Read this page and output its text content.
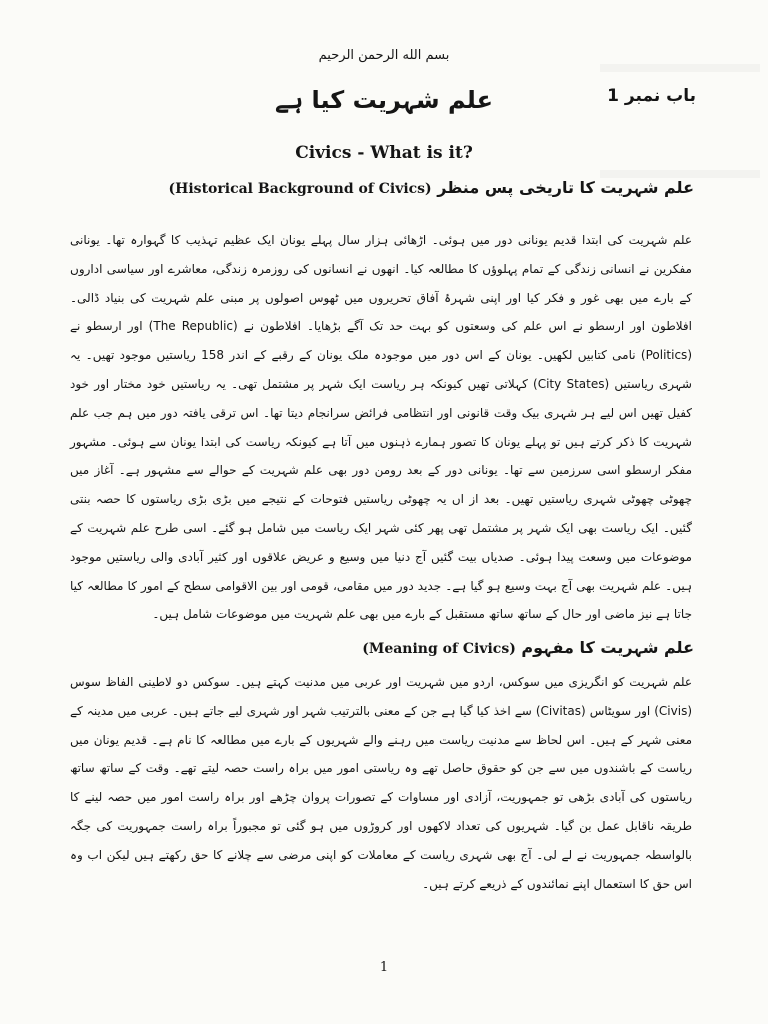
بسم الله الرحمن الرحیم
باب نمبر 1
علم شہریت کیا ہے
Civics - What is it?
علم شہریت کا تاریخی پس منظر (Historical Background of Civics)

علم شہریت کی ابتدا قدیم یونانی دور میں ہوئی۔ اڑھائی ہزار سال پہلے یونان ایک عظیم تہذیب کا گہوارہ تھا۔ یونانی مفکرین نے انسانی زندگی کے تمام پہلوؤں کا مطالعہ کیا۔ انھوں نے انسانوں کی روزمرہ زندگی، معاشرے اور سیاسی اداروں کے بارے میں بھی غور و فکر کیا اور اپنی شہرۂ آفاق تحریروں میں ٹھوس اصولوں پر مبنی علم شہریت کی بنیاد ڈالی۔ افلاطون اور ارسطو نے اس علم کی وسعتوں کو بہت حد تک آگے بڑھایا۔ افلاطون نے (The Republic) اور ارسطو نے (Politics) نامی کتابیں لکھیں۔ یونان کے اس دور میں موجودہ ملک یونان کے رقبے کے اندر 158 ریاستیں موجود تھیں۔ یہ شہری ریاستیں (City States) کہلاتی تھیں کیونکہ ہر ریاست ایک شہر پر مشتمل تھی۔ یہ ریاستیں خود مختار اور خود کفیل تھیں اس لیے ہر شہری بیک وقت قانونی اور انتظامی فرائض سرانجام دیتا تھا۔ اس ترقی یافتہ دور میں ہم جب علم شہریت کا ذکر کرتے ہیں تو پہلے یونان کا تصور ہمارے ذہنوں میں آتا ہے کیونکہ ریاست کی ابتدا یونان سے ہوئی۔ مشہور مفکر ارسطو اسی سرزمین سے تھا۔ یونانی دور کے بعد رومن دور بھی علم شہریت کے حوالے سے مشہور ہے۔ آغاز میں چھوٹی چھوٹی شہری ریاستیں تھیں۔ بعد از اں یہ چھوٹی ریاستیں فتوحات کے نتیجے میں بڑی بڑی ریاستوں کا حصہ بنتی گئیں۔ ایک ریاست بھی ایک شہر پر مشتمل تھی پھر کئی شہر ایک ریاست میں شامل ہو گئے۔ اسی طرح علم شہریت کے موضوعات میں وسعت پیدا ہوئی۔ صدیاں بیت گئیں آج دنیا میں وسیع و عریض علاقوں اور کثیر آبادی والی ریاستیں موجود ہیں۔ علم شہریت بھی آج بہت وسیع ہو گیا ہے۔ جدید دور میں مقامی، قومی اور بین الاقوامی سطح کے امور کا مطالعہ کیا جاتا ہے نیز ماضی اور حال کے ساتھ ساتھ مستقبل کے بارے میں بھی علم شہریت میں موضوعات شامل ہیں۔

علم شہریت کا مفہوم (Meaning of Civics)

علم شہریت کو انگریزی میں سوکس، اردو میں شہریت اور عربی میں مدنیت کہتے ہیں۔ سوکس دو لاطینی الفاظ سوس (Civis) اور سویٹاس (Civitas) سے اخذ کیا گیا ہے جن کے معنی بالترتیب شہر اور شہری لیے جاتے ہیں۔ عربی میں مدینہ کے معنی شہر کے ہیں۔ اس لحاظ سے مدنیت ریاست میں رہنے والے شہریوں کے بارے میں مطالعہ کا نام ہے۔ قدیم یونان میں ریاست کے باشندوں میں سے جن کو حقوق حاصل تھے وہ ریاستی امور میں براہ راست حصہ لیتے تھے۔ وقت کے ساتھ ساتھ ریاستوں کی آبادی بڑھی تو جمہوریت، آزادی اور مساوات کے تصورات پروان چڑھے اور براہ راست امور میں حصہ لینے کا طریقہ ناقابل عمل بن گیا۔ شہریوں کی تعداد لاکھوں اور کروڑوں میں ہو گئی تو مجبوراً براہ راست جمہوریت کی جگہ بالواسطہ جمہوریت نے لے لی۔ آج بھی شہری ریاست کے معاملات کو اپنی مرضی سے چلانے کا حق رکھتے ہیں لیکن اب وہ اس حق کا استعمال اپنے نمائندوں کے ذریعے کرتے ہیں۔

1
